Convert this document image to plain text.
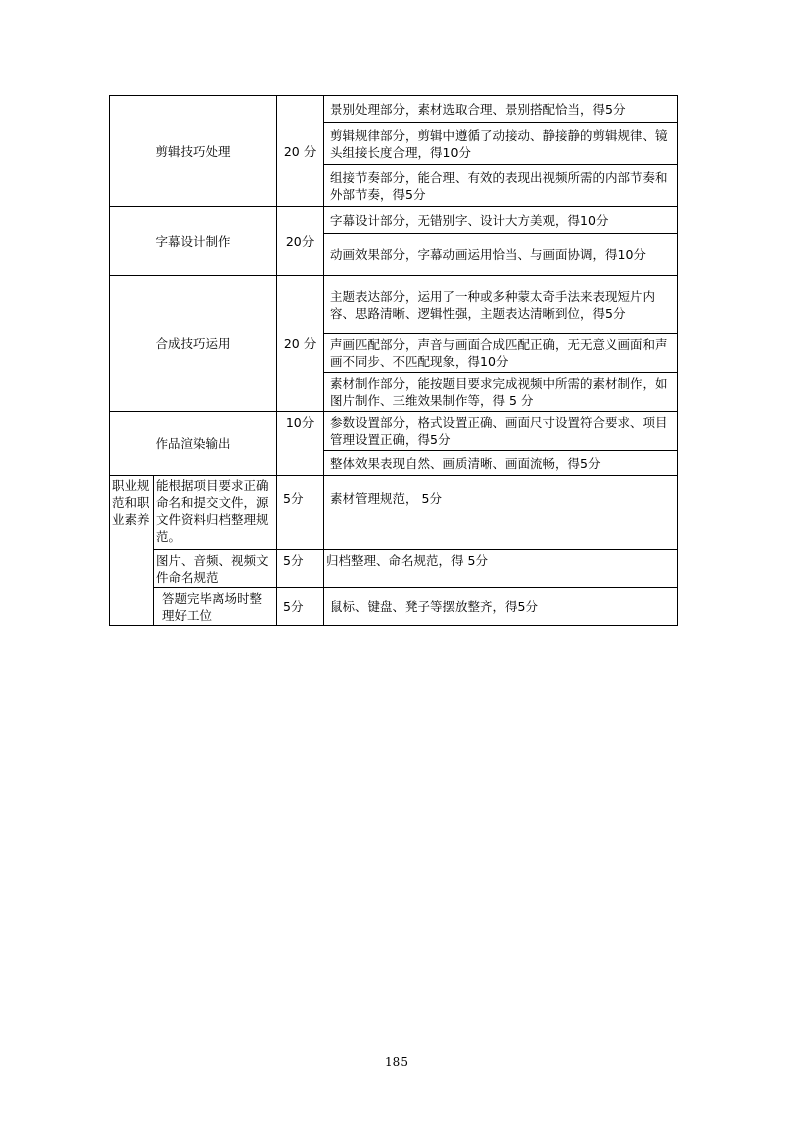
剪辑技巧处理		20 分	景别处理部分，素材选取合理、景别搭配恰当，得5分
			剪辑规律部分，剪辑中遵循了动接动、静接静的剪辑规律、镜头组接长度合理，得10分
			组接节奏部分，能合理、有效的表现出视频所需的内部节奏和外部节奏，得5分
字幕设计制作		20分	字幕设计部分，无错别字、设计大方美观，得10分
			动画效果部分，字幕动画运用恰当、与画面协调，得10分
合成技巧运用		20 分	主题表达部分，运用了一种或多种蒙太奇手法来表现短片内容、思路清晰、逻辑性强，主题表达清晰到位，得5分
			声画匹配部分，声音与画面合成匹配正确，无无意义画面和声画不同步、不匹配现象，得10分
			素材制作部分，能按题目要求完成视频中所需的素材制作，如图片制作、三维效果制作等，得 5 分
作品渲染输出		10分	参数设置部分，格式设置正确、画面尺寸设置符合要求、项目管理设置正确，得5分
			整体效果表现自然、画质清晰、画面流畅，得5分
职业规范和职业素养	能根据项目要求正确命名和提交文件，源文件资料归档整理规范。	5分	素材管理规范， 5分
	图片、音频、视频文件命名规范	5分	归档整理、命名规范，得 5分
	答题完毕离场时整理好工位	5分	鼠标、键盘、凳子等摆放整齐，得5分
185
